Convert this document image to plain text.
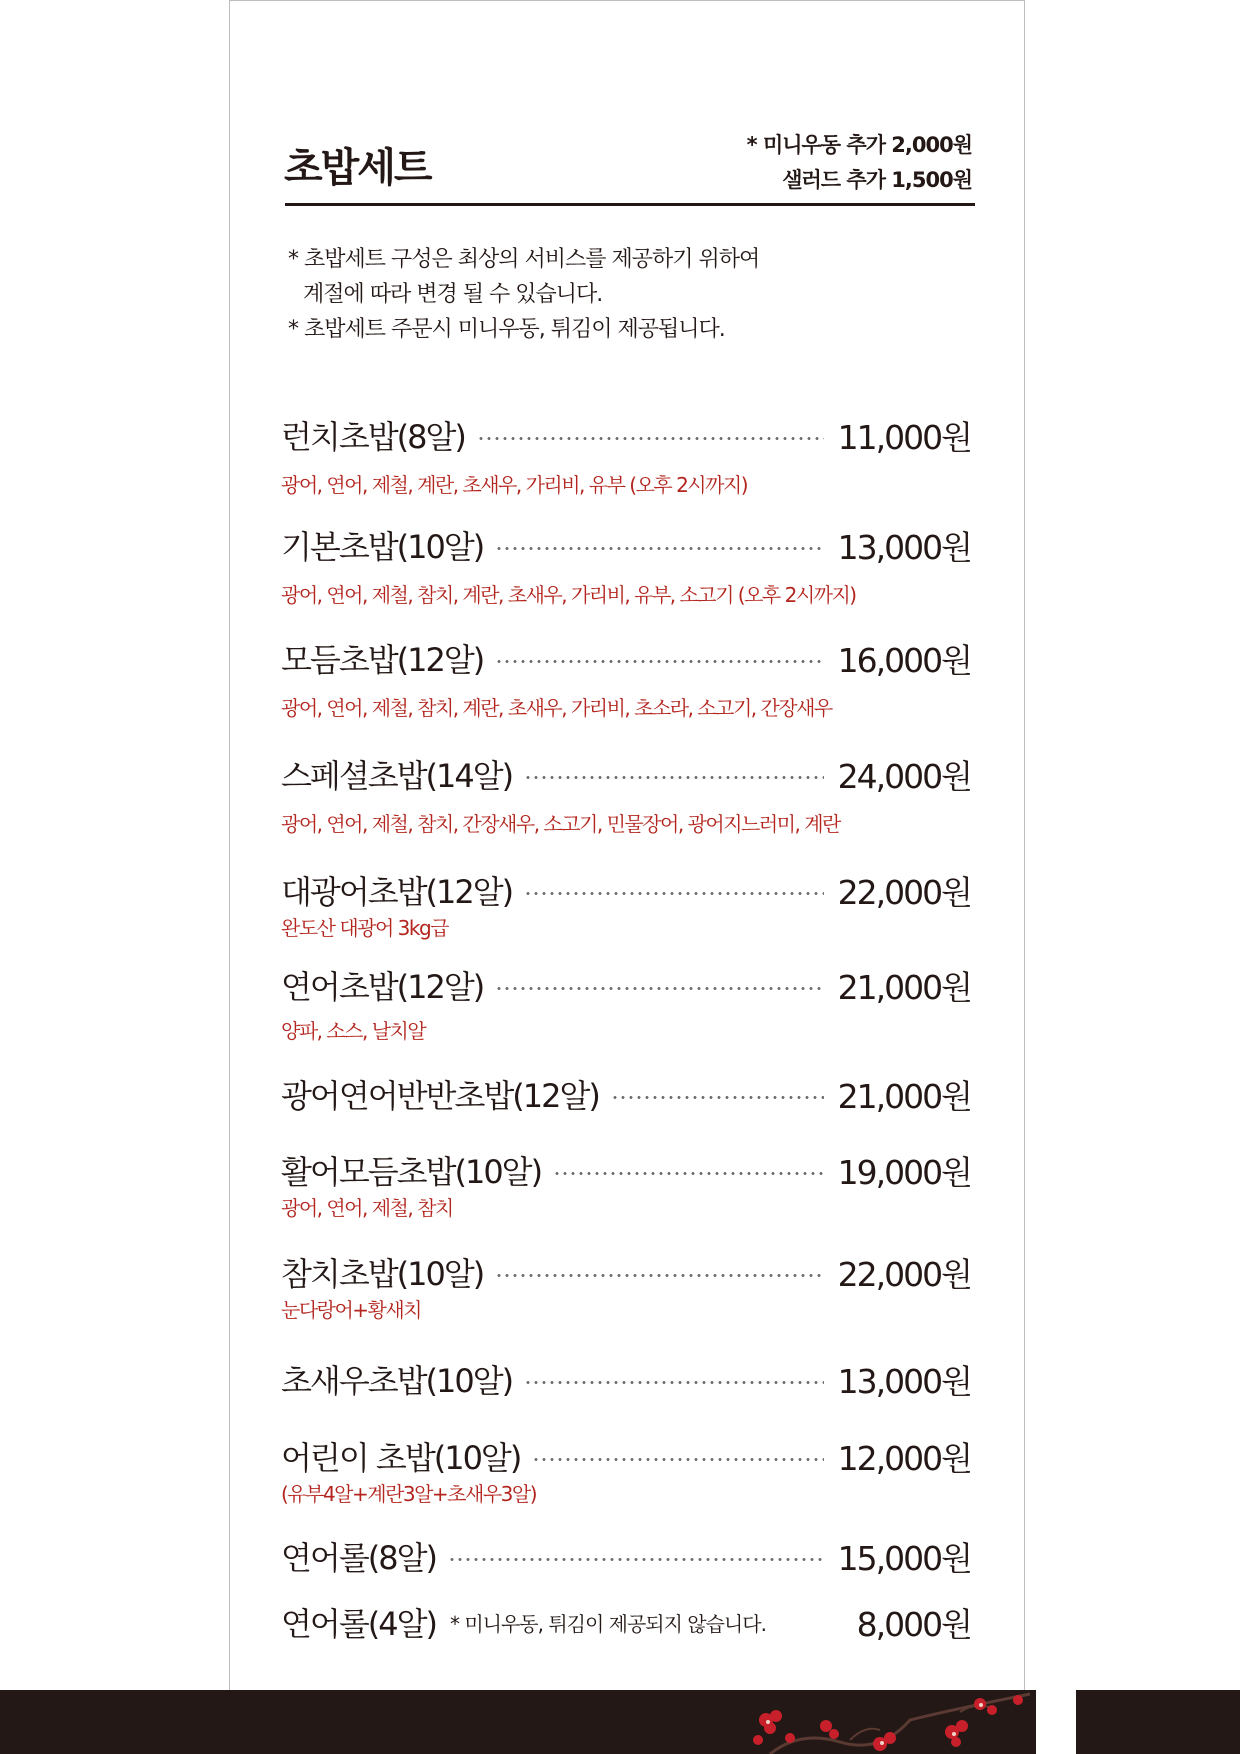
초밥세트	* 미니우동 추가 2,000원
샐러드 추가 1,500원
* 초밥세트 구성은 최상의 서비스를 제공하기 위하여
계절에 따라 변경 될 수 있습니다.
* 초밥세트 주문시 미니우동, 튀김이 제공됩니다.
런치초밥(8알)	11,000원
광어, 연어, 제철, 계란, 초새우, 가리비, 유부 (오후 2시까지)
기본초밥(10알)	13,000원
광어, 연어, 제철, 참치, 계란, 초새우, 가리비, 유부, 소고기 (오후 2시까지)
모듬초밥(12알)	16,000원
광어, 연어, 제철, 참치, 계란, 초새우, 가리비, 초소라, 소고기, 간장새우
스페셜초밥(14알)	24,000원
광어, 연어, 제철, 참치, 간장새우, 소고기, 민물장어, 광어지느러미, 계란
대광어초밥(12알)	22,000원
완도산 대광어 3kg급
연어초밥(12알)	21,000원
양파, 소스, 날치알
광어연어반반초밥(12알)	21,000원
활어모듬초밥(10알)	19,000원
광어, 연어, 제철, 참치
참치초밥(10알)	22,000원
눈다랑어+황새치
초새우초밥(10알)	13,000원
어린이 초밥(10알)	12,000원
(유부4알+계란3알+초새우3알)
연어롤(8알)	15,000원
연어롤(4알) * 미니우동, 튀김이 제공되지 않습니다.	8,000원
